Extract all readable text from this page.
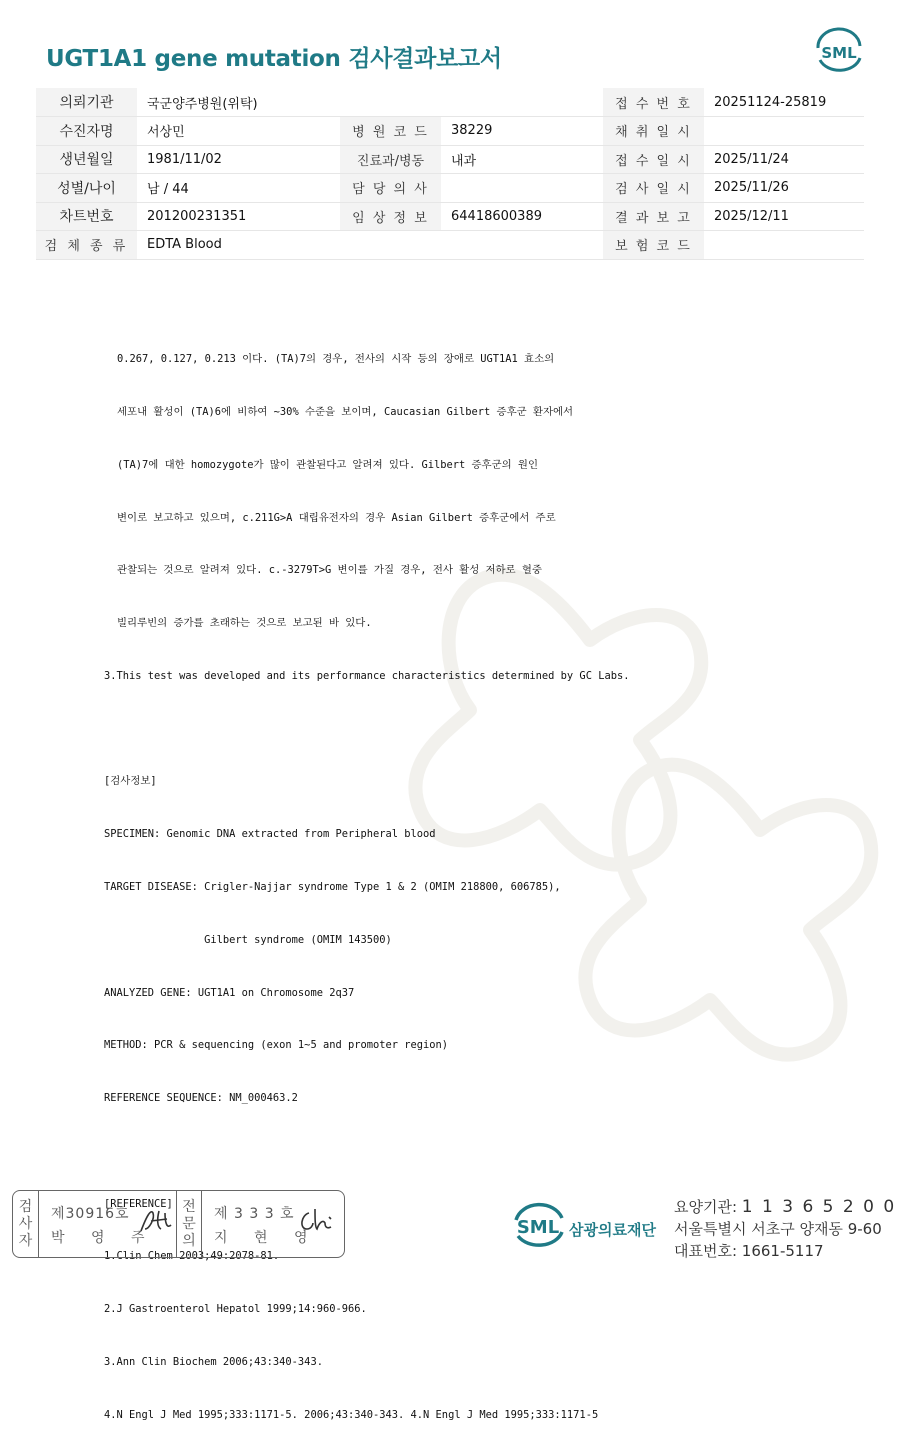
UGT1A1 gene mutation 검사결과보고서	SML
의뢰기관	국군양주병원(위탁)			접 수 번 호	20251124-25819
수진자명	서상민	병 원 코 드	38229	채 취 일 시	
생년월일	1981/11/02	진료과/병동	내과	접 수 일 시	2025/11/24
성별/나이	남 / 44	담 당 의 사		검 사 일 시	2025/11/26
차트번호	201200231351	임 상 정 보	64418600389	결 과 보 고	2025/12/11
검 체 종 류	EDTA Blood			보 험 코 드	

0.267, 0.127, 0.213 이다. (TA)7의 경우, 전사의 시작 등의 장애로 UGT1A1 효소의

세포내 활성이 (TA)6에 비하여 ~30% 수준을 보이며, Caucasian Gilbert 증후군 환자에서

(TA)7에 대한 homozygote가 많이 관찰된다고 알려져 있다. Gilbert 증후군의 원인

변이로 보고하고 있으며, c.211G>A 대립유전자의 경우 Asian Gilbert 증후군에서 주로

관찰되는 것으로 알려져 있다. c.-3279T>G 변이를 가질 경우, 전사 활성 저하로 혈중

빌리루빈의 증가를 초래하는 것으로 보고된 바 있다.

3.This test was developed and its performance characteristics determined by GC Labs.

[검사정보]

SPECIMEN: Genomic DNA extracted from Peripheral blood

TARGET DISEASE: Crigler-Najjar syndrome Type 1 & 2 (OMIM 218800, 606785),

Gilbert syndrome (OMIM 143500)

ANALYZED GENE: UGT1A1 on Chromosome 2q37

METHOD: PCR & sequencing (exon 1~5 and promoter region)

REFERENCE SEQUENCE: NM_000463.2

[REFERENCE]

1.Clin Chem 2003;49:2078-81.

2.J Gastroenterol Hepatol 1999;14:960-966.

3.Ann Clin Biochem 2006;43:340-343.

4.N Engl J Med 1995;333:1171-5. 2006;43:340-343. 4.N Engl J Med 1995;333:1171-5

검
사
자
제30916호
박 영 주
전
문
의
제 3 3 3 호
지 현 영	SML 삼광의료재단
요양기관: 1 1 3 6 5 2 0 0
서울특별시 서초구 양재동 9-60
대표번호: 1661-5117
